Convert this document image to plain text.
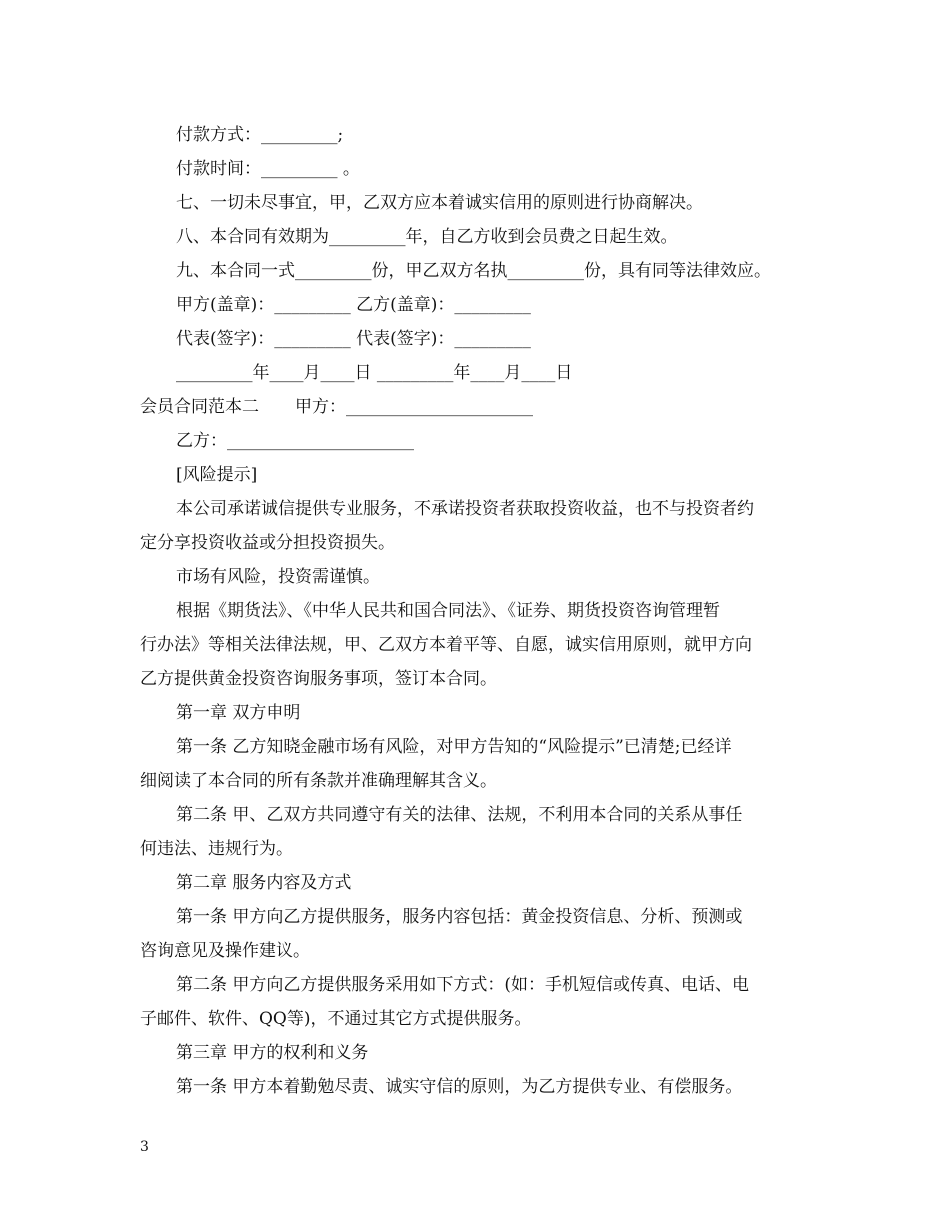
付款方式：_________;

付款时间：_________ 。

七、一切未尽事宜，甲，乙双方应本着诚实信用的原则进行协商解决。

八、本合同有效期为_________年，自乙方收到会员费之日起生效。

九、本合同一式_________份，甲乙双方名执_________份，具有同等法律效应。

甲方(盖章)：_________ 乙方(盖章)：_________

代表(签字)：_________ 代表(签字)：_________

_________年____月____日 _________年____月____日

会员合同范本二 甲方：______________________

乙方：______________________

[风险提示]

本公司承诺诚信提供专业服务，不承诺投资者获取投资收益，也不与投资者约

定分享投资收益或分担投资损失。

市场有风险，投资需谨慎。

根据《期货法》、《中华人民共和国合同法》、《证券、期货投资咨询管理暂

行办法》等相关法律法规，甲、乙双方本着平等、自愿，诚实信用原则，就甲方向

乙方提供黄金投资咨询服务事项，签订本合同。

第一章 双方申明

第一条 乙方知晓金融市场有风险，对甲方告知的“风险提示”已清楚;已经详

细阅读了本合同的所有条款并准确理解其含义。

第二条 甲、乙双方共同遵守有关的法律、法规，不利用本合同的关系从事任

何违法、违规行为。

第二章 服务内容及方式

第一条 甲方向乙方提供服务，服务内容包括：黄金投资信息、分析、预测或

咨询意见及操作建议。

第二条 甲方向乙方提供服务采用如下方式：(如：手机短信或传真、电话、电

子邮件、软件、QQ等)，不通过其它方式提供服务。

第三章 甲方的权利和义务

第一条 甲方本着勤勉尽责、诚实守信的原则，为乙方提供专业、有偿服务。

3
